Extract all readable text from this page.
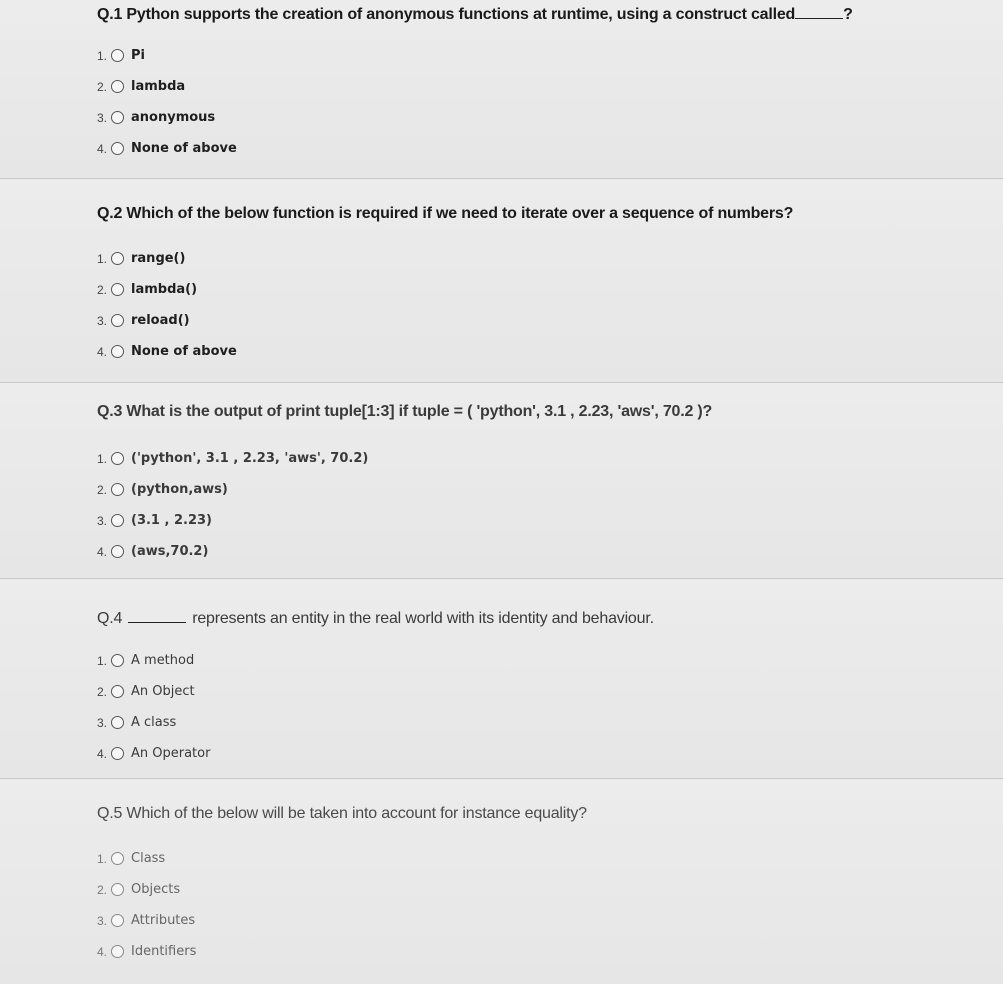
Q.1 Python supports the creation of anonymous functions at runtime, using a construct called	?
1.	Pi
2.	lambda
3.	anonymous
4.	None of above
Q.2 Which of the below function is required if we need to iterate over a sequence of numbers?
1.	range()
2.	lambda()
3.	reload()
4.	None of above
Q.3 What is the output of print tuple[1:3] if tuple = ( 'python', 3.1 , 2.23, 'aws', 70.2 )?
1.	('python', 3.1 , 2.23, 'aws', 70.2)
2.	(python,aws)
3.	(3.1 , 2.23)
4.	(aws,70.2)
Q.4	represents an entity in the real world with its identity and behaviour.
1.	A method
2.	An Object
3.	A class
4.	An Operator
Q.5 Which of the below will be taken into account for instance equality?
1.	Class
2.	Objects
3.	Attributes
4.	Identifiers
